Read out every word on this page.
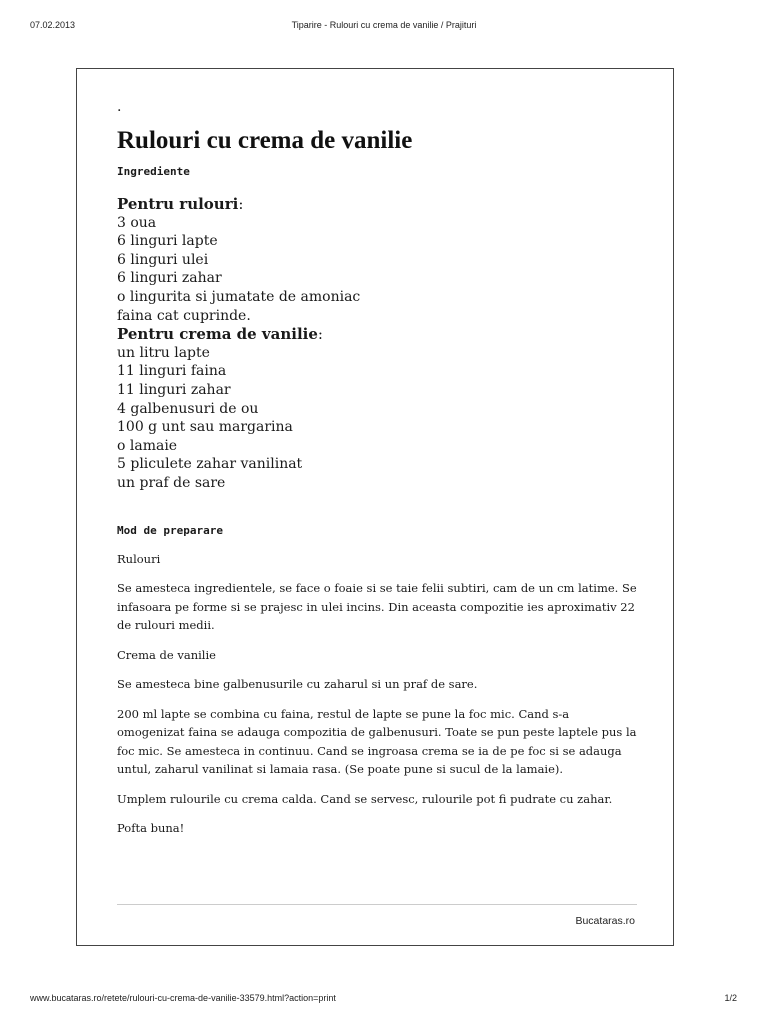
07.02.2013	Tiparire - Rulouri cu crema de vanilie / Prajituri
.
Rulouri cu crema de vanilie
Ingrediente
Pentru rulouri:
3 oua
6 linguri lapte
6 linguri ulei
6 linguri zahar
o lingurita si jumatate de amoniac
faina cat cuprinde.
Pentru crema de vanilie:
un litru lapte
11 linguri faina
11 linguri zahar
4 galbenusuri de ou
100 g unt sau margarina
o lamaie
5 pliculete zahar vanilinat
un praf de sare
Mod de preparare

Rulouri

Se amesteca ingredientele, se face o foaie si se taie felii subtiri, cam de un cm latime. Se infasoara pe forme si se prajesc in ulei incins. Din aceasta compozitie ies aproximativ 22 de rulouri medii.

Crema de vanilie

Se amesteca bine galbenusurile cu zaharul si un praf de sare.

200 ml lapte se combina cu faina, restul de lapte se pune la foc mic. Cand s-a omogenizat faina se adauga compozitia de galbenusuri. Toate se pun peste laptele pus la foc mic. Se amesteca in continuu. Cand se ingroasa crema se ia de pe foc si se adauga untul, zaharul vanilinat si lamaia rasa. (Se poate pune si sucul de la lamaie).

Umplem rulourile cu crema calda. Cand se servesc, rulourile pot fi pudrate cu zahar.

Pofta buna!

Bucataras.ro
www.bucataras.ro/retete/rulouri-cu-crema-de-vanilie-33579.html?action=print	1/2
